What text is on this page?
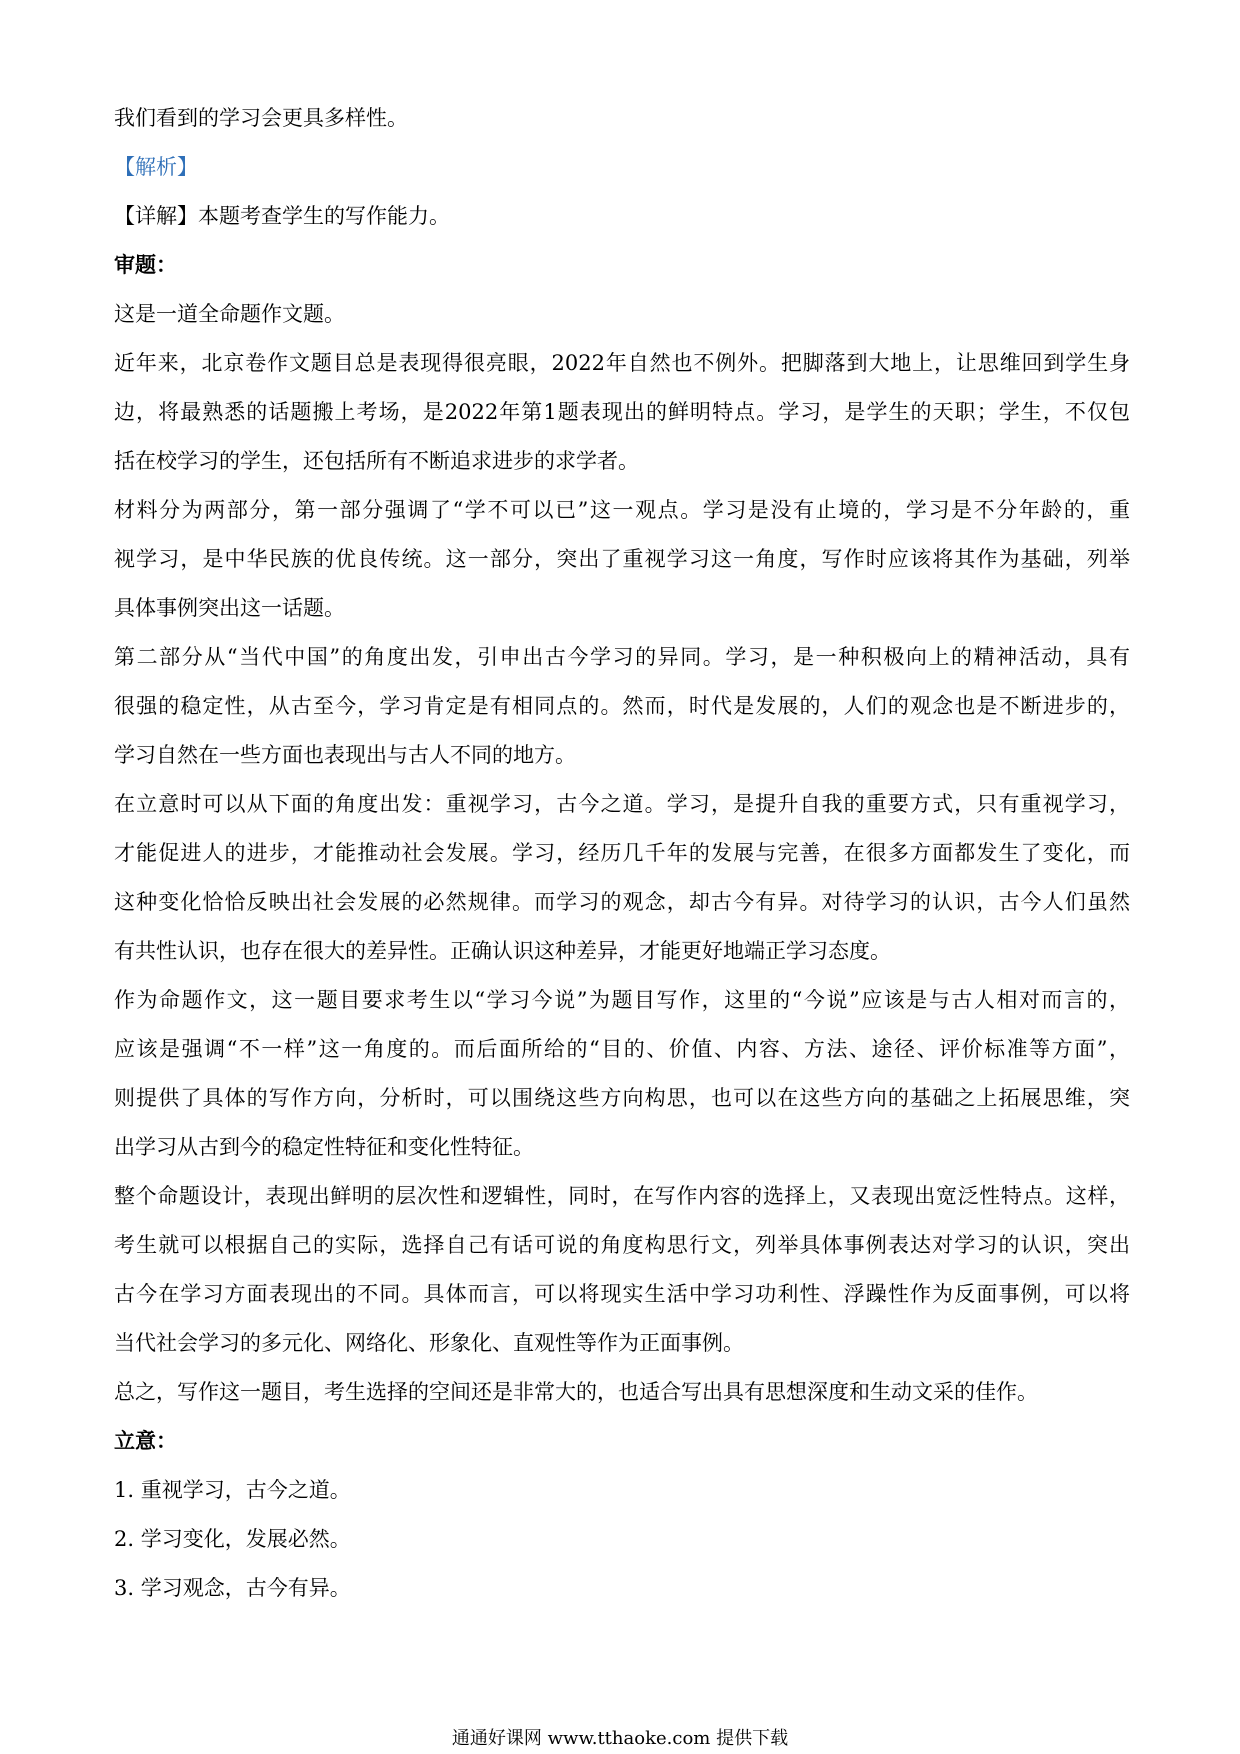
我们看到的学习会更具多样性。
【解析】
【详解】本题考查学生的写作能力。
审题：
这是一道全命题作文题。
近年来，北京卷作文题目总是表现得很亮眼，2022年自然也不例外。把脚落到大地上，让思维回到学生身
边，将最熟悉的话题搬上考场，是2022年第1题表现出的鲜明特点。学习，是学生的天职；学生，不仅包
括在校学习的学生，还包括所有不断追求进步的求学者。
材料分为两部分，第一部分强调了“学不可以已”这一观点。学习是没有止境的，学习是不分年龄的，重
视学习，是中华民族的优良传统。这一部分，突出了重视学习这一角度，写作时应该将其作为基础，列举
具体事例突出这一话题。
第二部分从“当代中国”的角度出发，引申出古今学习的异同。学习，是一种积极向上的精神活动，具有
很强的稳定性，从古至今，学习肯定是有相同点的。然而，时代是发展的，人们的观念也是不断进步的，
学习自然在一些方面也表现出与古人不同的地方。
在立意时可以从下面的角度出发：重视学习，古今之道。学习，是提升自我的重要方式，只有重视学习，
才能促进人的进步，才能推动社会发展。学习，经历几千年的发展与完善，在很多方面都发生了变化，而
这种变化恰恰反映出社会发展的必然规律。而学习的观念，却古今有异。对待学习的认识，古今人们虽然
有共性认识，也存在很大的差异性。正确认识这种差异，才能更好地端正学习态度。
作为命题作文，这一题目要求考生以“学习今说”为题目写作，这里的“今说”应该是与古人相对而言的，
应该是强调“不一样”这一角度的。而后面所给的“目的、价值、内容、方法、途径、评价标准等方面”，
则提供了具体的写作方向，分析时，可以围绕这些方向构思，也可以在这些方向的基础之上拓展思维，突
出学习从古到今的稳定性特征和变化性特征。
整个命题设计，表现出鲜明的层次性和逻辑性，同时，在写作内容的选择上，又表现出宽泛性特点。这样，
考生就可以根据自己的实际，选择自己有话可说的角度构思行文，列举具体事例表达对学习的认识，突出
古今在学习方面表现出的不同。具体而言，可以将现实生活中学习功利性、浮躁性作为反面事例，可以将
当代社会学习的多元化、网络化、形象化、直观性等作为正面事例。
总之，写作这一题目，考生选择的空间还是非常大的，也适合写出具有思想深度和生动文采的佳作。
立意：
1. 重视学习，古今之道。
2. 学习变化，发展必然。
3. 学习观念，古今有异。
通通好课网 www.tthaoke.com 提供下载
